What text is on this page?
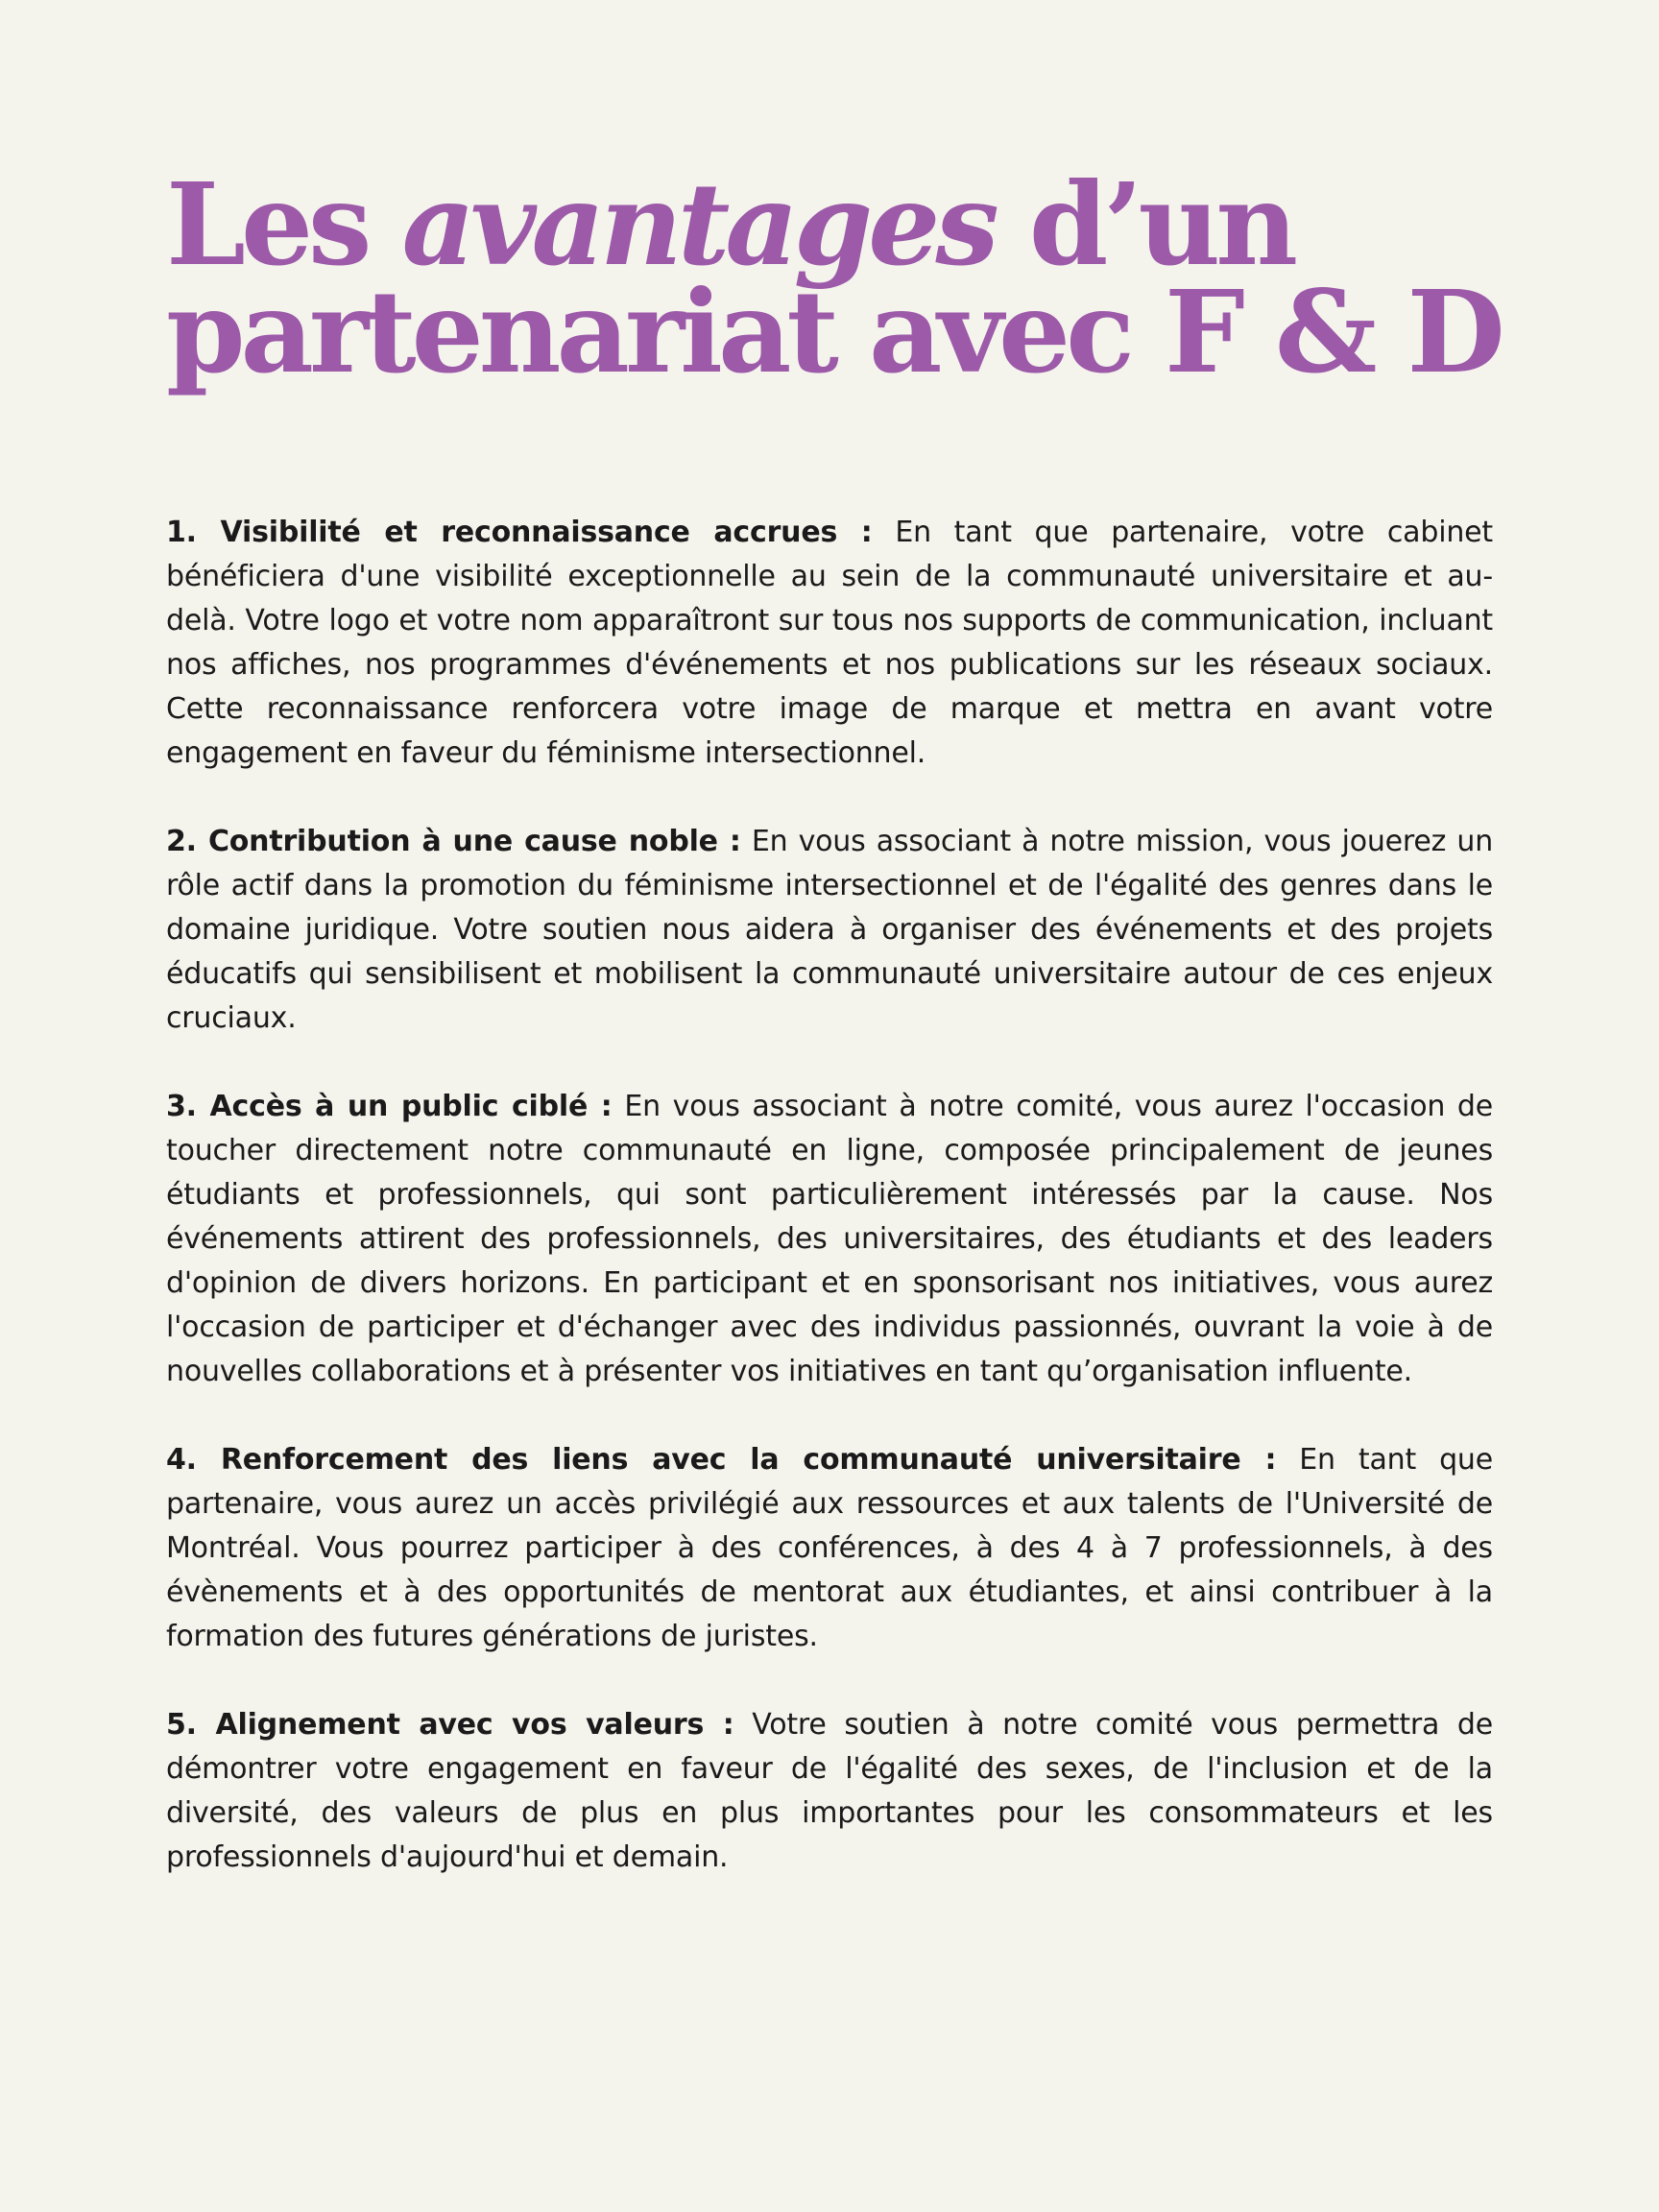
Les avantages d’un
partenariat avec F & D

1. Visibilité et reconnaissance accrues : En tant que partenaire, votre cabinet bénéficiera d'une visibilité exceptionnelle au sein de la communauté universitaire et au-delà. Votre logo et votre nom apparaîtront sur tous nos supports de communication, incluant nos affiches, nos programmes d'événements et nos publications sur les réseaux sociaux. Cette reconnaissance renforcera votre image de marque et mettra en avant votre engagement en faveur du féminisme intersectionnel.

2. Contribution à une cause noble : En vous associant à notre mission, vous jouerez un rôle actif dans la promotion du féminisme intersectionnel et de l'égalité des genres dans le domaine juridique. Votre soutien nous aidera à organiser des événements et des projets éducatifs qui sensibilisent et mobilisent la communauté universitaire autour de ces enjeux cruciaux.

3. Accès à un public ciblé : En vous associant à notre comité, vous aurez l'occasion de toucher directement notre communauté en ligne, composée principalement de jeunes étudiants et professionnels, qui sont particulièrement intéressés par la cause. Nos événements attirent des professionnels, des universitaires, des étudiants et des leaders d'opinion de divers horizons. En participant et en sponsorisant nos initiatives, vous aurez l'occasion de participer et d'échanger avec des individus passionnés, ouvrant la voie à de nouvelles collaborations et à présenter vos initiatives en tant qu’organisation influente.

4. Renforcement des liens avec la communauté universitaire : En tant que partenaire, vous aurez un accès privilégié aux ressources et aux talents de l'Université de Montréal. Vous pourrez participer à des conférences, à des 4 à 7 professionnels, à des évènements et à des opportunités de mentorat aux étudiantes, et ainsi contribuer à la formation des futures générations de juristes.

5. Alignement avec vos valeurs : Votre soutien à notre comité vous permettra de démontrer votre engagement en faveur de l'égalité des sexes, de l'inclusion et de la diversité, des valeurs de plus en plus importantes pour les consommateurs et les professionnels d'aujourd'hui et demain.
